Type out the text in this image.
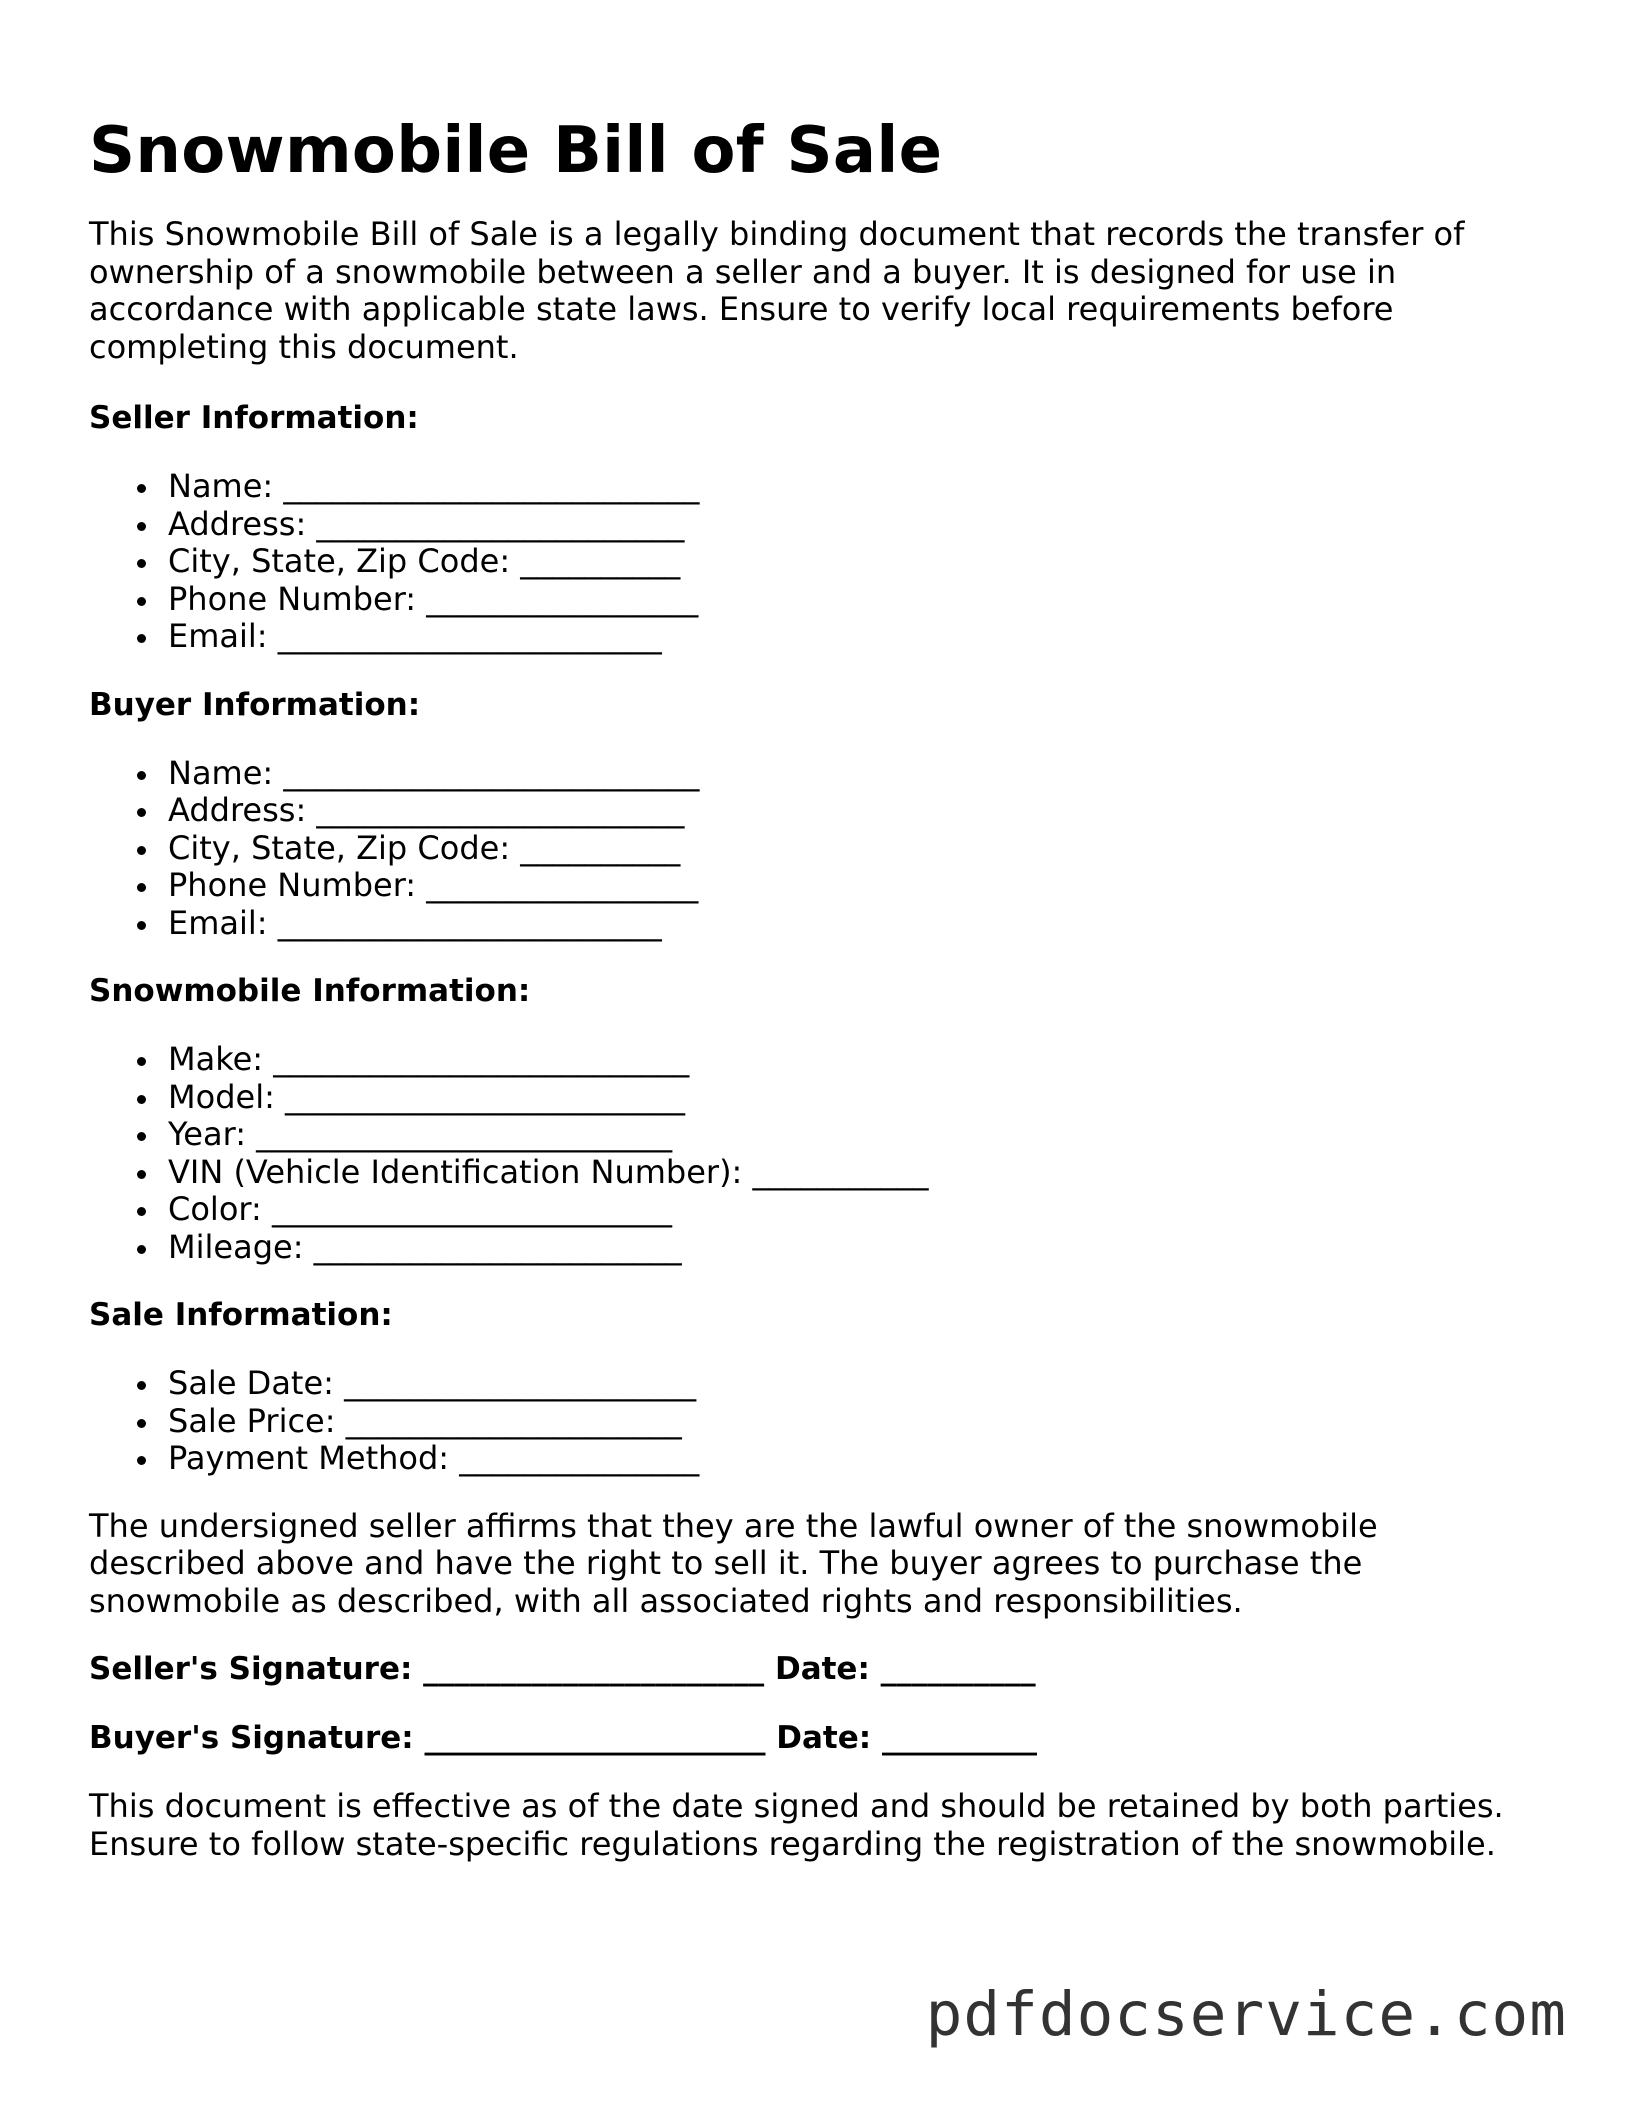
Snowmobile Bill of Sale

This Snowmobile Bill of Sale is a legally binding document that records the transfer of ownership of a snowmobile between a seller and a buyer. It is designed for use in accordance with applicable state laws. Ensure to verify local requirements before completing this document.

Seller Information:
Name: __________________________
Address: _______________________
City, State, Zip Code: __________
Phone Number: _________________
Email: ________________________
Buyer Information:
Name: __________________________
Address: _______________________
City, State, Zip Code: __________
Phone Number: _________________
Email: ________________________
Snowmobile Information:
Make: __________________________
Model: _________________________
Year: __________________________
VIN (Vehicle Identification Number): ___________
Color: _________________________
Mileage: _______________________
Sale Information:
Sale Date: ______________________
Sale Price: _____________________
Payment Method: _______________

The undersigned seller affirms that they are the lawful owner of the snowmobile described above and have the right to sell it. The buyer agrees to purchase the snowmobile as described, with all associated rights and responsibilities.

Seller's Signature: ______________________ Date: __________
Buyer's Signature: ______________________ Date: __________

This document is effective as of the date signed and should be retained by both parties. Ensure to follow state-specific regulations regarding the registration of the snowmobile.

pdfdocservice.com
